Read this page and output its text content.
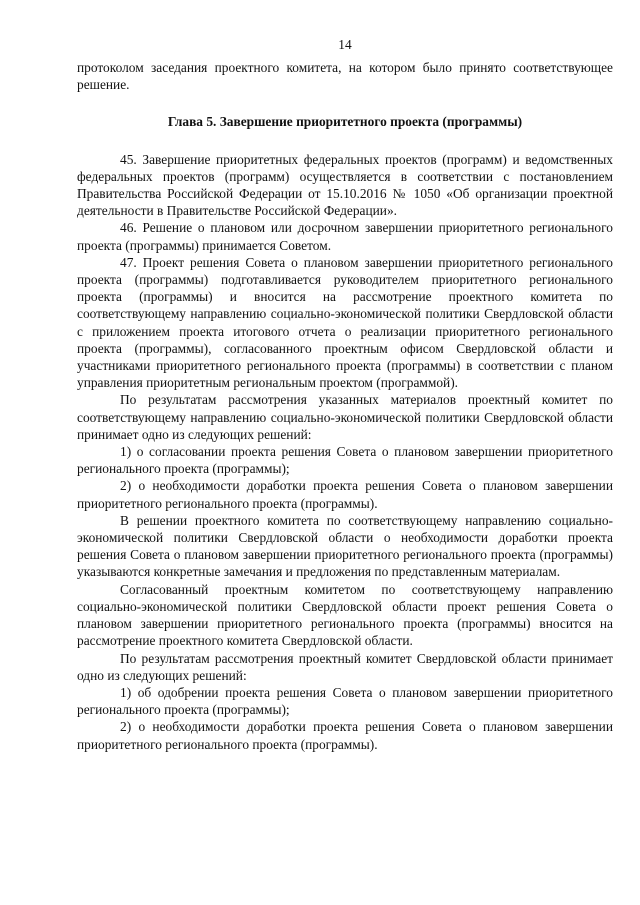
14

протоколом заседания проектного комитета, на котором было принято соответствующее решение.

Глава 5. Завершение приоритетного проекта (программы)

45. Завершение приоритетных федеральных проектов (программ) и ведомственных федеральных проектов (программ) осуществляется в соответствии с постановлением Правительства Российской Федерации от 15.10.2016 № 1050 «Об организации проектной деятельности в Правительстве Российской Федерации».

46. Решение о плановом или досрочном завершении приоритетного регионального проекта (программы) принимается Советом.

47. Проект решения Совета о плановом завершении приоритетного регионального проекта (программы) подготавливается руководителем приоритетного регионального проекта (программы) и вносится на рассмотрение проектного комитета по соответствующему направлению социально-экономической политики Свердловской области с приложением проекта итогового отчета о реализации приоритетного регионального проекта (программы), согласованного проектным офисом Свердловской области и участниками приоритетного регионального проекта (программы) в соответствии с планом управления приоритетным региональным проектом (программой).

По результатам рассмотрения указанных материалов проектный комитет по соответствующему направлению социально-экономической политики Свердловской области принимает одно из следующих решений:

1) о согласовании проекта решения Совета о плановом завершении приоритетного регионального проекта (программы);

2) о необходимости доработки проекта решения Совета о плановом завершении приоритетного регионального проекта (программы).

В решении проектного комитета по соответствующему направлению социально-экономической политики Свердловской области о необходимости доработки проекта решения Совета о плановом завершении приоритетного регионального проекта (программы) указываются конкретные замечания и предложения по представленным материалам.

Согласованный проектным комитетом по соответствующему направлению социально-экономической политики Свердловской области проект решения Совета о плановом завершении приоритетного регионального проекта (программы) вносится на рассмотрение проектного комитета Свердловской области.

По результатам рассмотрения проектный комитет Свердловской области принимает одно из следующих решений:

1) об одобрении проекта решения Совета о плановом завершении приоритетного регионального проекта (программы);

2) о необходимости доработки проекта решения Совета о плановом завершении приоритетного регионального проекта (программы).
